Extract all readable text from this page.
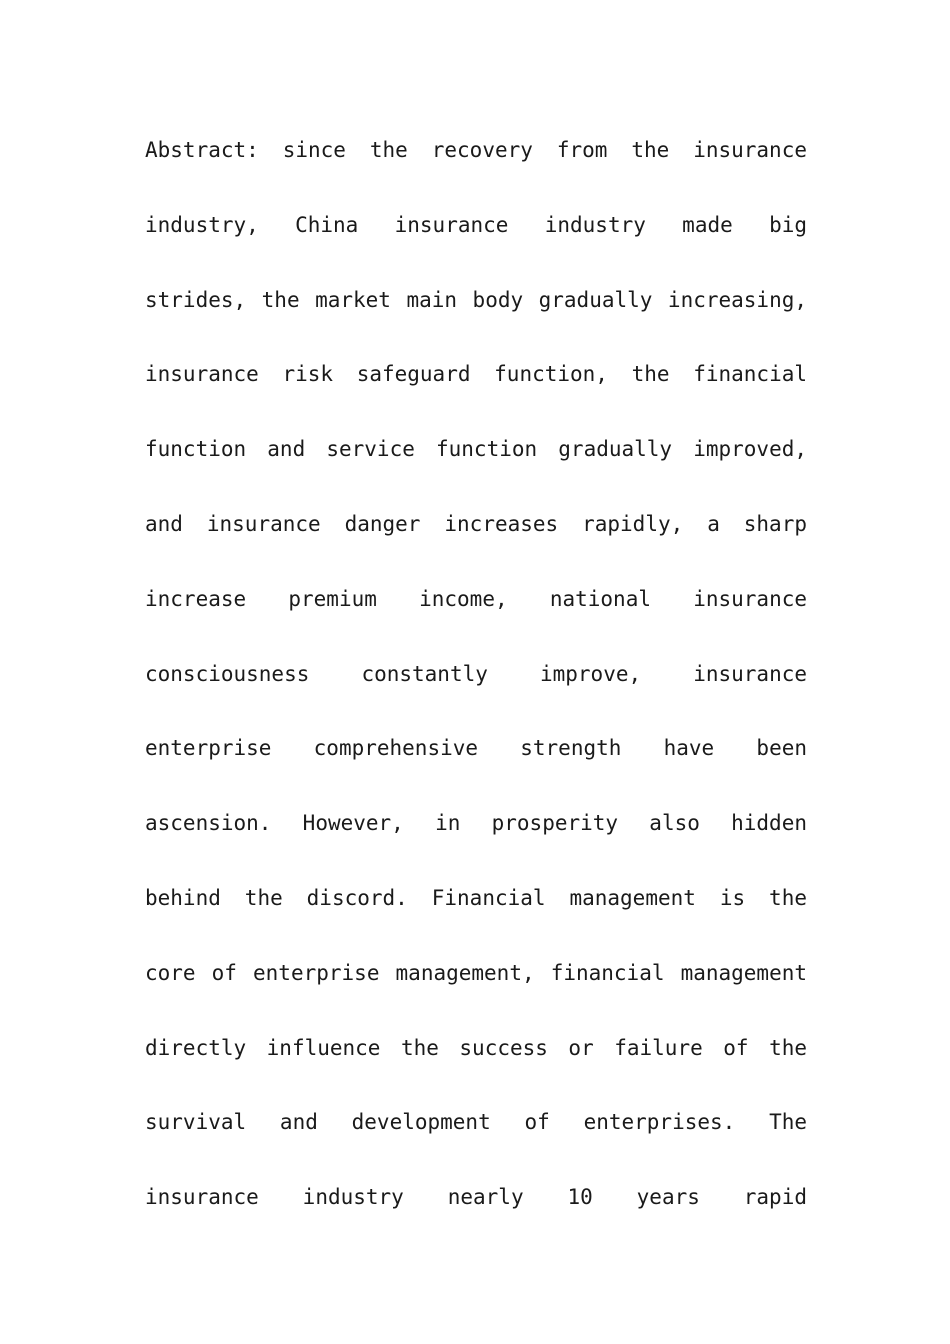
Abstract: since the recovery from the insurance
industry, China insurance industry made big
strides, the market main body gradually increasing,
insurance risk safeguard function, the financial
function and service function gradually improved,
and insurance danger increases rapidly, a sharp
increase premium income, national insurance
consciousness constantly improve, insurance
enterprise comprehensive strength have been
ascension. However, in prosperity also hidden
behind the discord. Financial management is the
core of enterprise management, financial management
directly influence the success or failure of the
survival and development of enterprises. The
insurance industry nearly 10 years rapid
